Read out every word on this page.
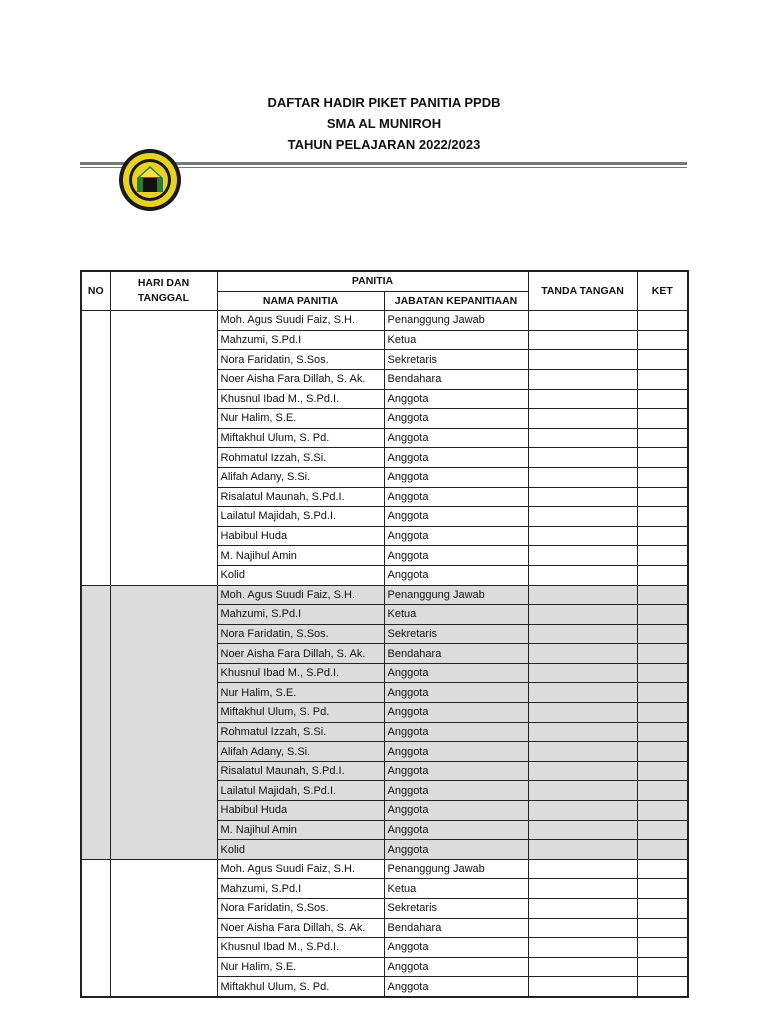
DAFTAR HADIR PIKET PANITIA PPDB
SMA AL MUNIROH
TAHUN PELAJARAN 2022/2023
NO	HARI DAN TANGGAL	PANITIA		TANDA TANGAN	KET
		NAMA PANITIA	JABATAN KEPANITIAAN		
		Moh. Agus Suudi Faiz, S.H.	Penanggung Jawab		
		Mahzumi, S.Pd.I	Ketua		
		Nora Faridatin, S.Sos.	Sekretaris		
		Noer Aisha Fara Dillah, S. Ak.	Bendahara		
		Khusnul Ibad M., S.Pd.I.	Anggota		
		Nur Halim, S.E.	Anggota		
		Miftakhul Ulum, S. Pd.	Anggota		
		Rohmatul Izzah, S.Si.	Anggota		
		Alifah Adany, S.Si.	Anggota		
		Risalatul Maunah, S.Pd.I.	Anggota		
		Lailatul Majidah, S.Pd.I.	Anggota		
		Habibul Huda	Anggota		
		M. Najihul Amin	Anggota		
		Kolid	Anggota		
		Moh. Agus Suudi Faiz, S.H.	Penanggung Jawab		
		Mahzumi, S.Pd.I	Ketua		
		Nora Faridatin, S.Sos.	Sekretaris		
		Noer Aisha Fara Dillah, S. Ak.	Bendahara		
		Khusnul Ibad M., S.Pd.I.	Anggota		
		Nur Halim, S.E.	Anggota		
		Miftakhul Ulum, S. Pd.	Anggota		
		Rohmatul Izzah, S.Si.	Anggota		
		Alifah Adany, S.Si.	Anggota		
		Risalatul Maunah, S.Pd.I.	Anggota		
		Lailatul Majidah, S.Pd.I.	Anggota		
		Habibul Huda	Anggota		
		M. Najihul Amin	Anggota		
		Kolid	Anggota		
		Moh. Agus Suudi Faiz, S.H.	Penanggung Jawab		
		Mahzumi, S.Pd.I	Ketua		
		Nora Faridatin, S.Sos.	Sekretaris		
		Noer Aisha Fara Dillah, S. Ak.	Bendahara		
		Khusnul Ibad M., S.Pd.I.	Anggota		
		Nur Halim, S.E.	Anggota		
		Miftakhul Ulum, S. Pd.	Anggota		
